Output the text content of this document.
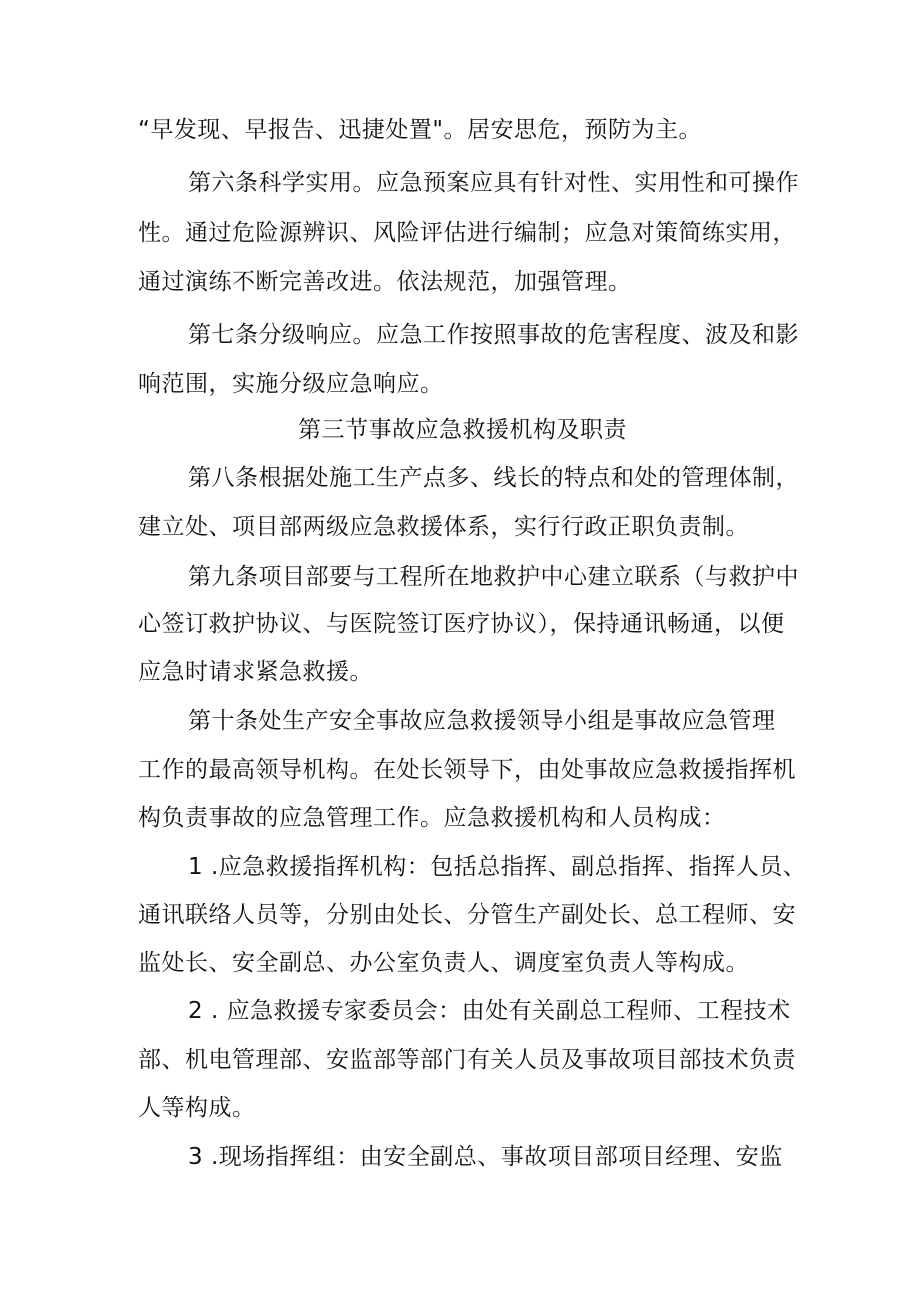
“早发现、早报告、迅捷处置"。居安思危，预防为主。
第六条科学实用。应急预案应具有针对性、实用性和可操作
性。通过危险源辨识、风险评估进行编制；应急对策简练实用，
通过演练不断完善改进。依法规范，加强管理。
第七条分级响应。应急工作按照事故的危害程度、波及和影
响范围，实施分级应急响应。
第三节事故应急救援机构及职责
第八条根据处施工生产点多、线长的特点和处的管理体制，
建立处、项目部两级应急救援体系，实行行政正职负责制。
第九条项目部要与工程所在地救护中心建立联系（与救护中
心签订救护协议、与医院签订医疗协议），保持通讯畅通，以便
应急时请求紧急救援。
第十条处生产安全事故应急救援领导小组是事故应急管理
工作的最高领导机构。在处长领导下，由处事故应急救援指挥机
构负责事故的应急管理工作。应急救援机构和人员构成：
1 .应急救援指挥机构：包括总指挥、副总指挥、指挥人员、
通讯联络人员等，分别由处长、分管生产副处长、总工程师、安
监处长、安全副总、办公室负责人、调度室负责人等构成。
2 . 应急救援专家委员会：由处有关副总工程师、工程技术
部、机电管理部、安监部等部门有关人员及事故项目部技术负责
人等构成。
3 .现场指挥组：由安全副总、事故项目部项目经理、安监
